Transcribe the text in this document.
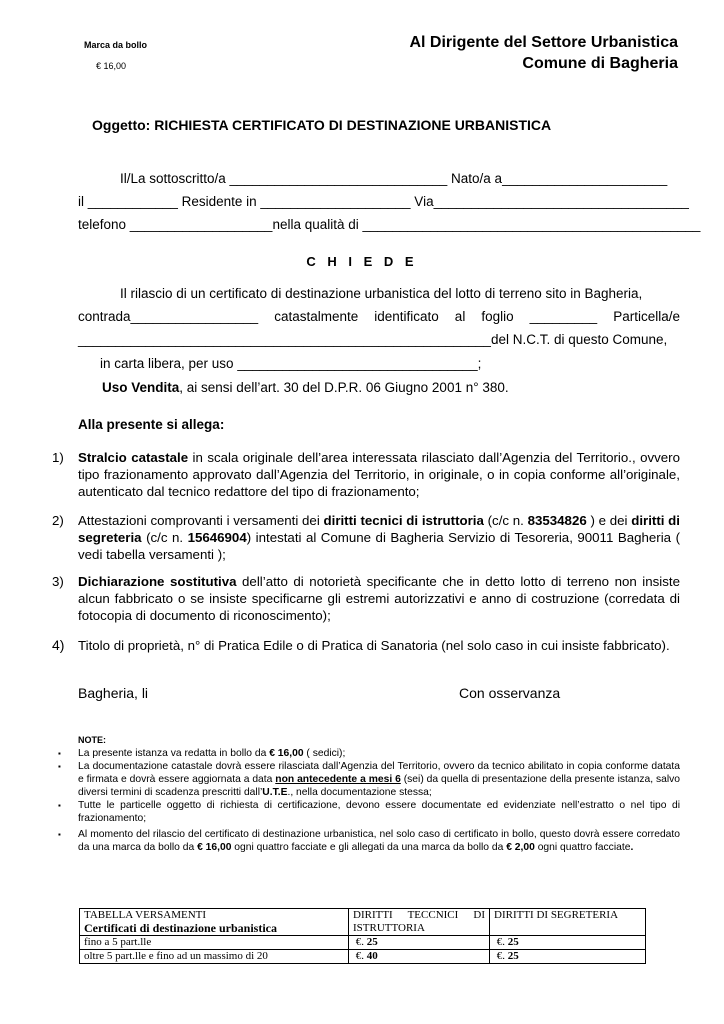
Marca da bollo
€ 16,00
Al Dirigente del Settore Urbanistica
Comune di Bagheria
Oggetto: RICHIESTA CERTIFICATO DI DESTINAZIONE URBANISTICA
Il/La sottoscritto/a _____________________________ Nato/a a______________________
il ____________ Residente in ____________________ Via__________________________________
telefono ___________________nella qualità di _____________________________________________
C H I E D E
Il rilascio di un certificato di destinazione urbanistica del lotto di terreno sito in Bagheria,
contrada_________________ catastalmente identificato al foglio _________ Particella/e
_______________________________________________________del N.C.T. di questo Comune,
in carta libera, per uso ________________________________;
Uso Vendita, ai sensi dell’art. 30 del D.P.R. 06 Giugno 2001 n° 380.
Alla presente si allega:
1) Stralcio catastale in scala originale dell’area interessata rilasciato dall’Agenzia del Territorio., ovvero tipo frazionamento approvato dall’Agenzia del Territorio, in originale, o in copia conforme all’originale, autenticato dal tecnico redattore del tipo di frazionamento;
2) Attestazioni comprovanti i versamenti dei diritti tecnici di istruttoria (c/c n. 83534826 ) e dei diritti di segreteria (c/c n. 15646904) intestati al Comune di Bagheria Servizio di Tesoreria, 90011 Bagheria ( vedi tabella versamenti );
3) Dichiarazione sostitutiva dell’atto di notorietà specificante che in detto lotto di terreno non insiste alcun fabbricato o se insiste specificarne gli estremi autorizzativi e anno di costruzione (corredata di fotocopia di documento di riconoscimento);
4) Titolo di proprietà, n° di Pratica Edile o di Pratica di Sanatoria (nel solo caso in cui insiste fabbricato).
Bagheria, li	Con osservanza
NOTE:
▪ La presente istanza va redatta in bollo da € 16,00 ( sedici);
▪ La documentazione catastale dovrà essere rilasciata dall’Agenzia del Territorio, ovvero da tecnico abilitato in copia conforme datata e firmata e dovrà essere aggiornata a data non antecedente a mesi 6 (sei) da quella di presentazione della presente istanza, salvo diversi termini di scadenza prescritti dall’U.T.E., nella documentazione stessa;
▪ Tutte le particelle oggetto di richiesta di certificazione, devono essere documentate ed evidenziate nell’estratto o nel tipo di frazionamento;
▪ Al momento del rilascio del certificato di destinazione urbanistica, nel solo caso di certificato in bollo, questo dovrà essere corredato da una marca da bollo da € 16,00 ogni quattro facciate e gli allegati da una marca da bollo da € 2,00 ogni quattro facciate.
TABELLA VERSAMENTI
Certificati di destinazione urbanistica	DIRITTI TECCNICI DI ISTRUTTORIA	DIRITTI DI SEGRETERIA
fino a 5 part.lle	€. 25	€. 25
oltre 5 part.lle e fino ad un massimo di 20	€. 40	€. 25
